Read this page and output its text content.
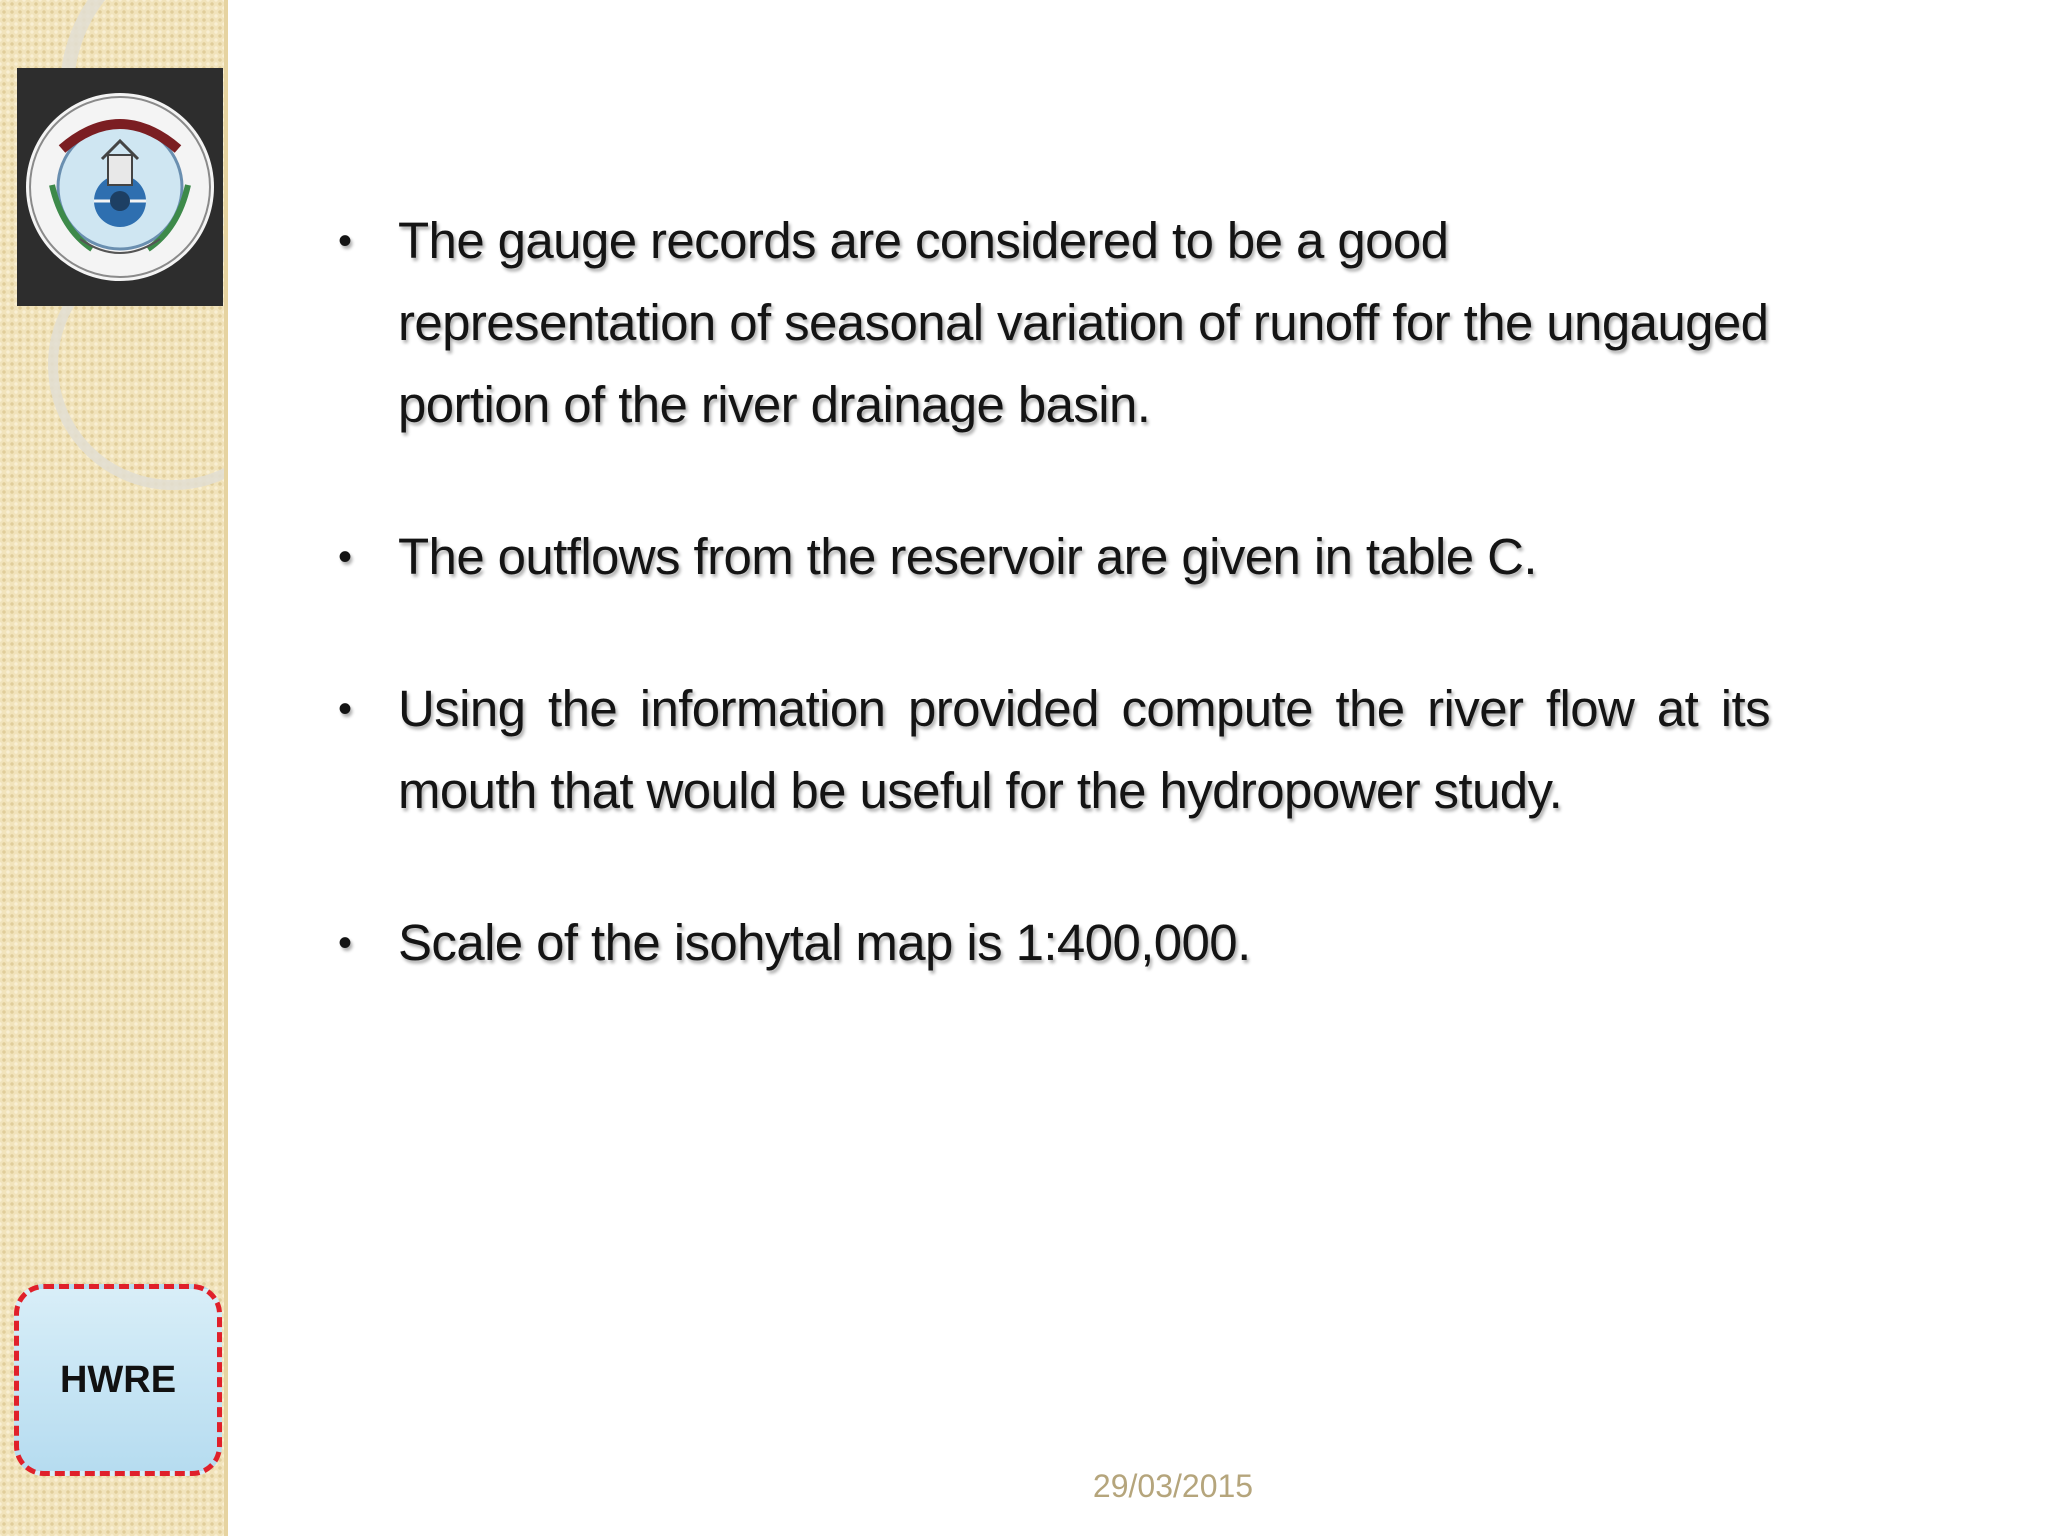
HWRE
• The gauge records are considered to be a good representation of seasonal variation of runoff for the ungauged portion of the river drainage basin.
• The outflows from the reservoir are given in table C.
• Using the information provided compute the river flow at its mouth that would be useful for the hydropower study.
• Scale of the isohytal map is 1:400,000.
29/03/2015
